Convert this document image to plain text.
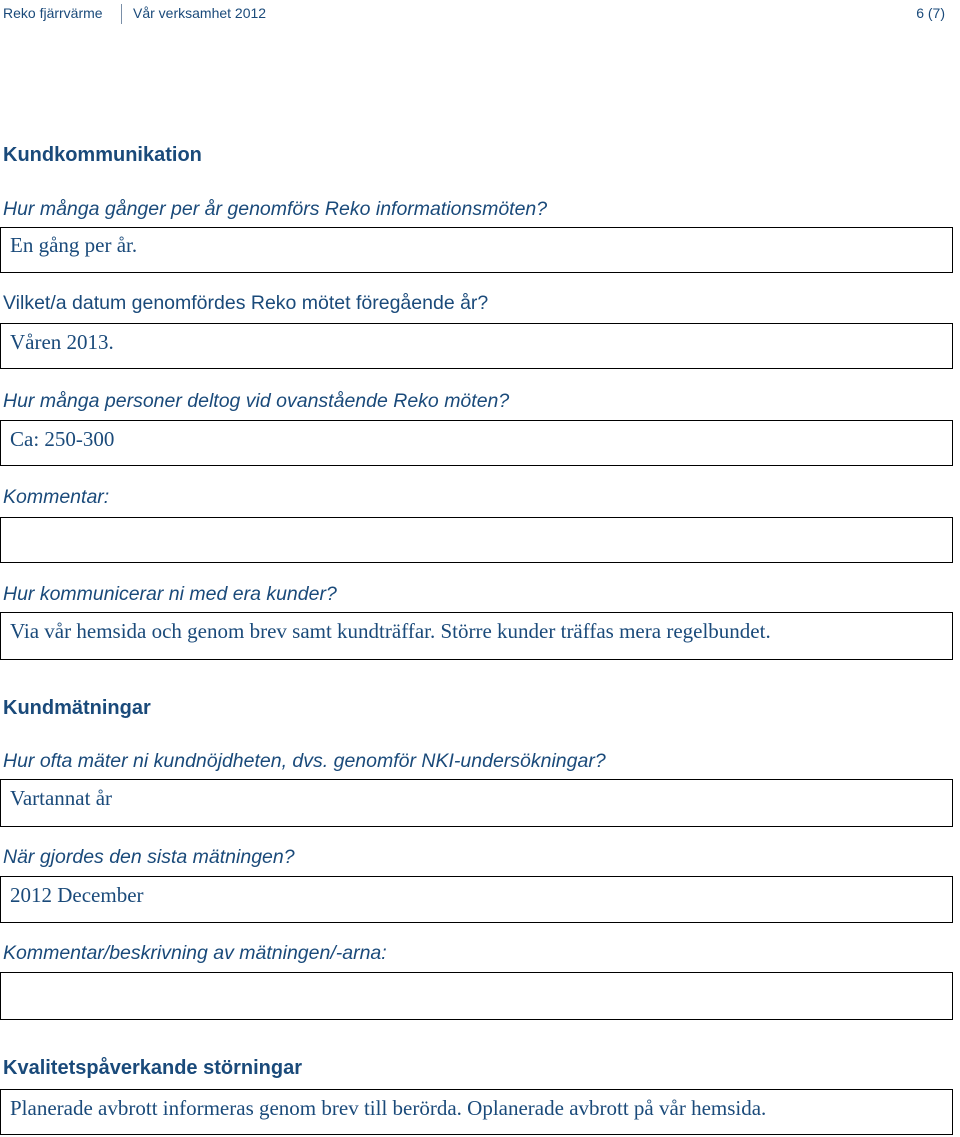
Reko fjärrvärme Vår verksamhet 2012	6 (7)
Kundkommunikation
Hur många gånger per år genomförs Reko informationsmöten?
En gång per år.
Vilket/a datum genomfördes Reko mötet föregående år?
Våren 2013.
Hur många personer deltog vid ovanstående Reko möten?
Ca: 250-300
Kommentar:
Hur kommunicerar ni med era kunder?
Via vår hemsida och genom brev samt kundträffar. Större kunder träffas mera regelbundet.
Kundmätningar
Hur ofta mäter ni kundnöjdheten, dvs. genomför NKI-undersökningar?
Vartannat år
När gjordes den sista mätningen?
2012 December
Kommentar/beskrivning av mätningen/-arna:
Kvalitetspåverkande störningar
Planerade avbrott informeras genom brev till berörda. Oplanerade avbrott på vår hemsida.
